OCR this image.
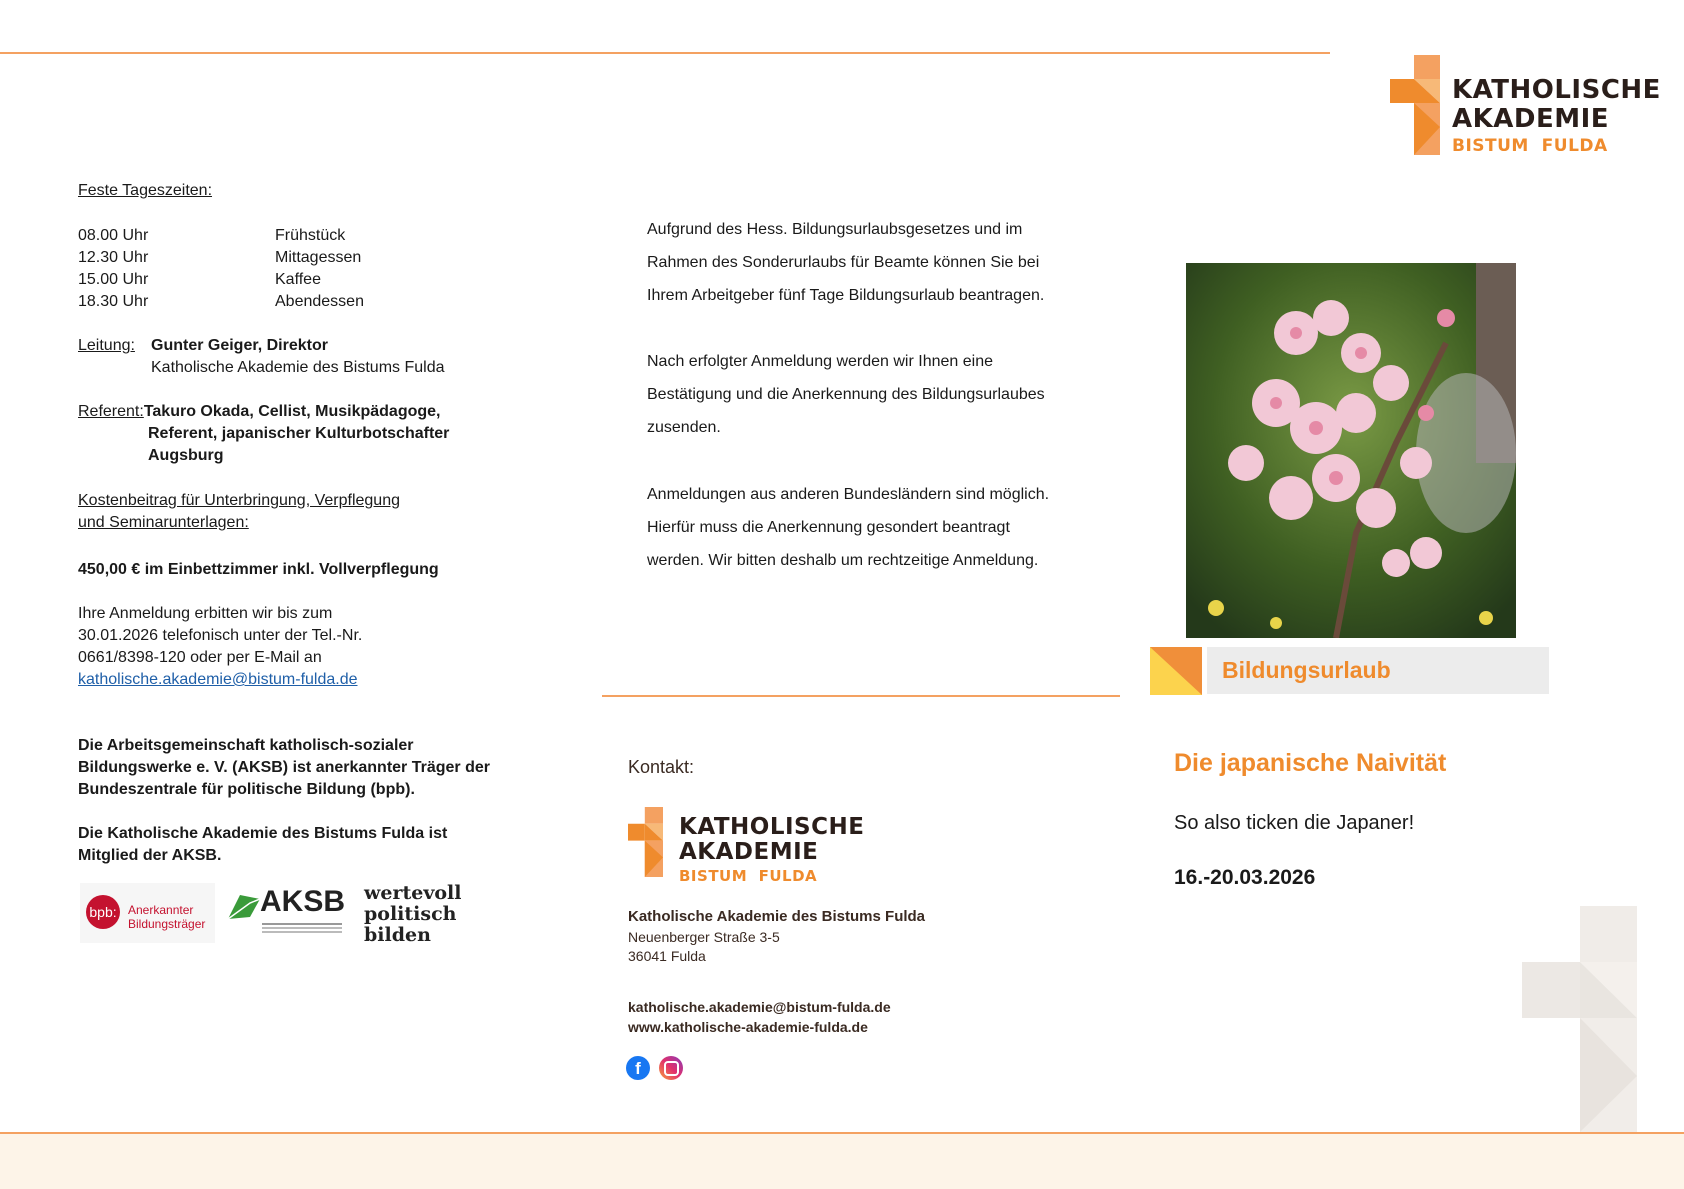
KATHOLISCHE
AKADEMIE
BISTUM  FULDA
Feste Tageszeiten:
08.00 Uhr	Frühstück
12.30 Uhr	Mittagessen
15.00 Uhr	Kaffee
18.30 Uhr	Abendessen
Leitung: Gunter Geiger, Direktor
Katholische Akademie des Bistums Fulda
Referent:Takuro Okada, Cellist, Musikpädagoge,
Referent, japanischer Kulturbotschafter
Augsburg
Kostenbeitrag für Unterbringung, Verpflegung
und Seminarunterlagen:
450,00 € im Einbettzimmer inkl. Vollverpflegung
Ihre Anmeldung erbitten wir bis zum
30.01.2026 telefonisch unter der Tel.-Nr.
0661/8398-120 oder per E-Mail an
katholische.akademie@bistum-fulda.de
Die Arbeitsgemeinschaft katholisch-sozialer
Bildungswerke e. V. (AKSB) ist anerkannter Träger der
Bundeszentrale für politische Bildung (bpb).
Die Katholische Akademie des Bistums Fulda ist
Mitglied der AKSB.
bpb: Anerkannter
Bildungsträger
AKSB wertevoll
politisch
bilden

Aufgrund des Hess. Bildungsurlaubsgesetzes und im

Rahmen des Sonderurlaubs für Beamte können Sie bei

Ihrem Arbeitgeber fünf Tage Bildungsurlaub beantragen.

Nach erfolgter Anmeldung werden wir Ihnen eine

Bestätigung und die Anerkennung des Bildungsurlaubes

zusenden.

Anmeldungen aus anderen Bundesländern sind möglich.

Hierfür muss die Anerkennung gesondert beantragt

werden. Wir bitten deshalb um rechtzeitige Anmeldung.

Kontakt:
KATHOLISCHE
AKADEMIE
BISTUM  FULDA
Katholische Akademie des Bistums Fulda
Neuenberger Straße 3-5
36041 Fulda
katholische.akademie@bistum-fulda.de
www.katholische-akademie-fulda.de
f
Bildungsurlaub
Die japanische Naivität
So also ticken die Japaner!
16.-20.03.2026
